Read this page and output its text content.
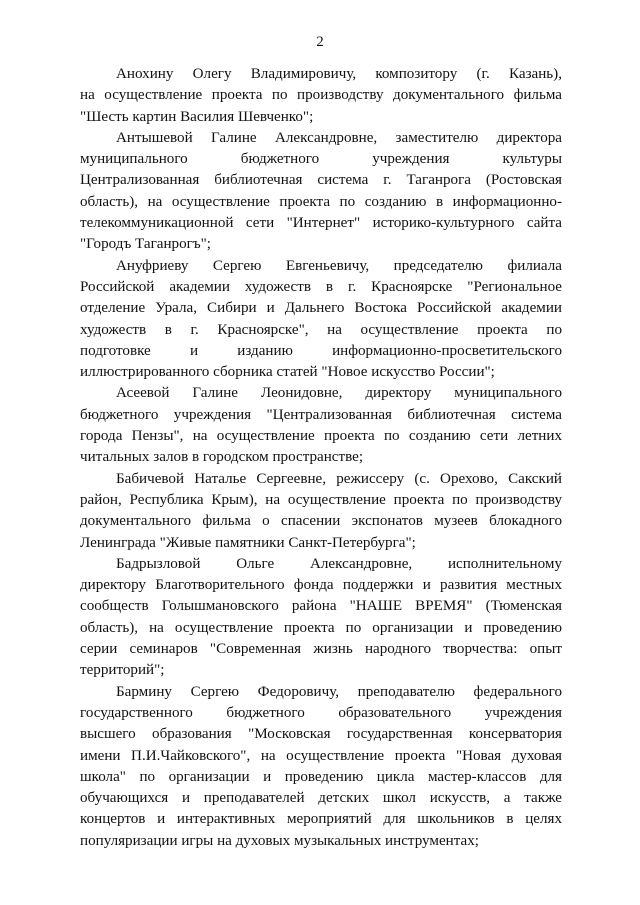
2
Анохину Олегу Владимировичу, композитору (г. Казань),
на осуществление проекта по производству документального фильма
"Шесть картин Василия Шевченко";
Антышевой Галине Александровне, заместителю директора
муниципального бюджетного учреждения культуры
Централизованная библиотечная система г. Таганрога (Ростовская
область), на осуществление проекта по созданию в информационно-
телекоммуникационной сети "Интернет" историко-культурного сайта
"Городъ Таганрогъ";
Ануфриеву Сергею Евгеньевичу, председателю филиала
Российской академии художеств в г. Красноярске "Региональное
отделение Урала, Сибири и Дальнего Востока Российской академии
художеств в г. Красноярске", на осуществление проекта по
подготовке и изданию информационно-просветительского
иллюстрированного сборника статей "Новое искусство России";
Асеевой Галине Леонидовне, директору муниципального
бюджетного учреждения "Централизованная библиотечная система
города Пензы", на осуществление проекта по созданию сети летних
читальных залов в городском пространстве;
Бабичевой Наталье Сергеевне, режиссеру (с. Орехово, Сакский
район, Республика Крым), на осуществление проекта по производству
документального фильма о спасении экспонатов музеев блокадного
Ленинграда "Живые памятники Санкт-Петербурга";
Бадрызловой Ольге Александровне, исполнительному
директору Благотворительного фонда поддержки и развития местных
сообществ Голышмановского района "НАШЕ ВРЕМЯ" (Тюменская
область), на осуществление проекта по организации и проведению
серии семинаров "Современная жизнь народного творчества: опыт
территорий";
Бармину Сергею Федоровичу, преподавателю федерального
государственного бюджетного образовательного учреждения
высшего образования "Московская государственная консерватория
имени П.И.Чайковского", на осуществление проекта "Новая духовая
школа" по организации и проведению цикла мастер-классов для
обучающихся и преподавателей детских школ искусств, а также
концертов и интерактивных мероприятий для школьников в целях
популяризации игры на духовых музыкальных инструментах;
